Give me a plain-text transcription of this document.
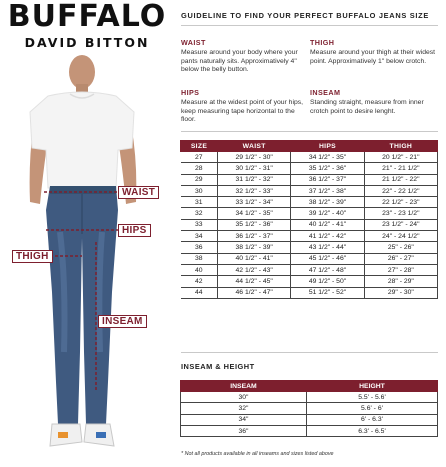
BUFFALO
DAVID BITTON
WAIST
HIPS
THIGH
INSEAM
GUIDELINE TO FIND YOUR PERFECT BUFFALO JEANS SIZE
WAIST
Measure around your body where your pants naturally sits. Approximatively 4" below the belly button.
THIGH
Measure around your thigh at their widest point. Approximatively 1" below crotch.
HIPS
Measure at the widest point of your hips, keep measuring tape horizontal to the floor.
INSEAM
Standing straight, measure from inner crotch point to desire lenght.
SIZE	WAIST	HIPS	THIGH
27	29 1/2" - 30"	34 1/2" - 35"	20 1/2" - 21"
28	30 1/2" - 31"	35 1/2" - 36"	21" - 21 1/2"
29	31 1/2" - 32"	36 1/2" - 37"	21 1/2" - 22"
30	32 1/2" - 33"	37 1/2" - 38"	22" - 22 1/2"
31	33 1/2" - 34"	38 1/2" - 39"	22 1/2" - 23"
32	34 1/2" - 35"	39 1/2" - 40"	23" - 23 1/2"
33	35 1/2" - 36"	40 1/2" - 41"	23 1/2" - 24"
34	36 1/2" - 37"	41 1/2" - 42"	24" - 24 1/2"
36	38 1/2" - 39"	43 1/2" - 44"	25" - 26"
38	40 1/2" - 41"	45 1/2" - 46"	26" - 27"
40	42 1/2" - 43"	47 1/2" - 48"	27" - 28"
42	44 1/2" - 45"	49 1/2" - 50"	28" - 29"
44	46 1/2" - 47"	51 1/2" - 52"	29" - 30"
INSEAM & HEIGHT
INSEAM	HEIGHT
30"	5.5' - 5.6'
32"	5.6' - 6'
34"	6' - 6.3'
36"	6.3' - 6.5'
* Not all products available in all inseams and sizes listed above
